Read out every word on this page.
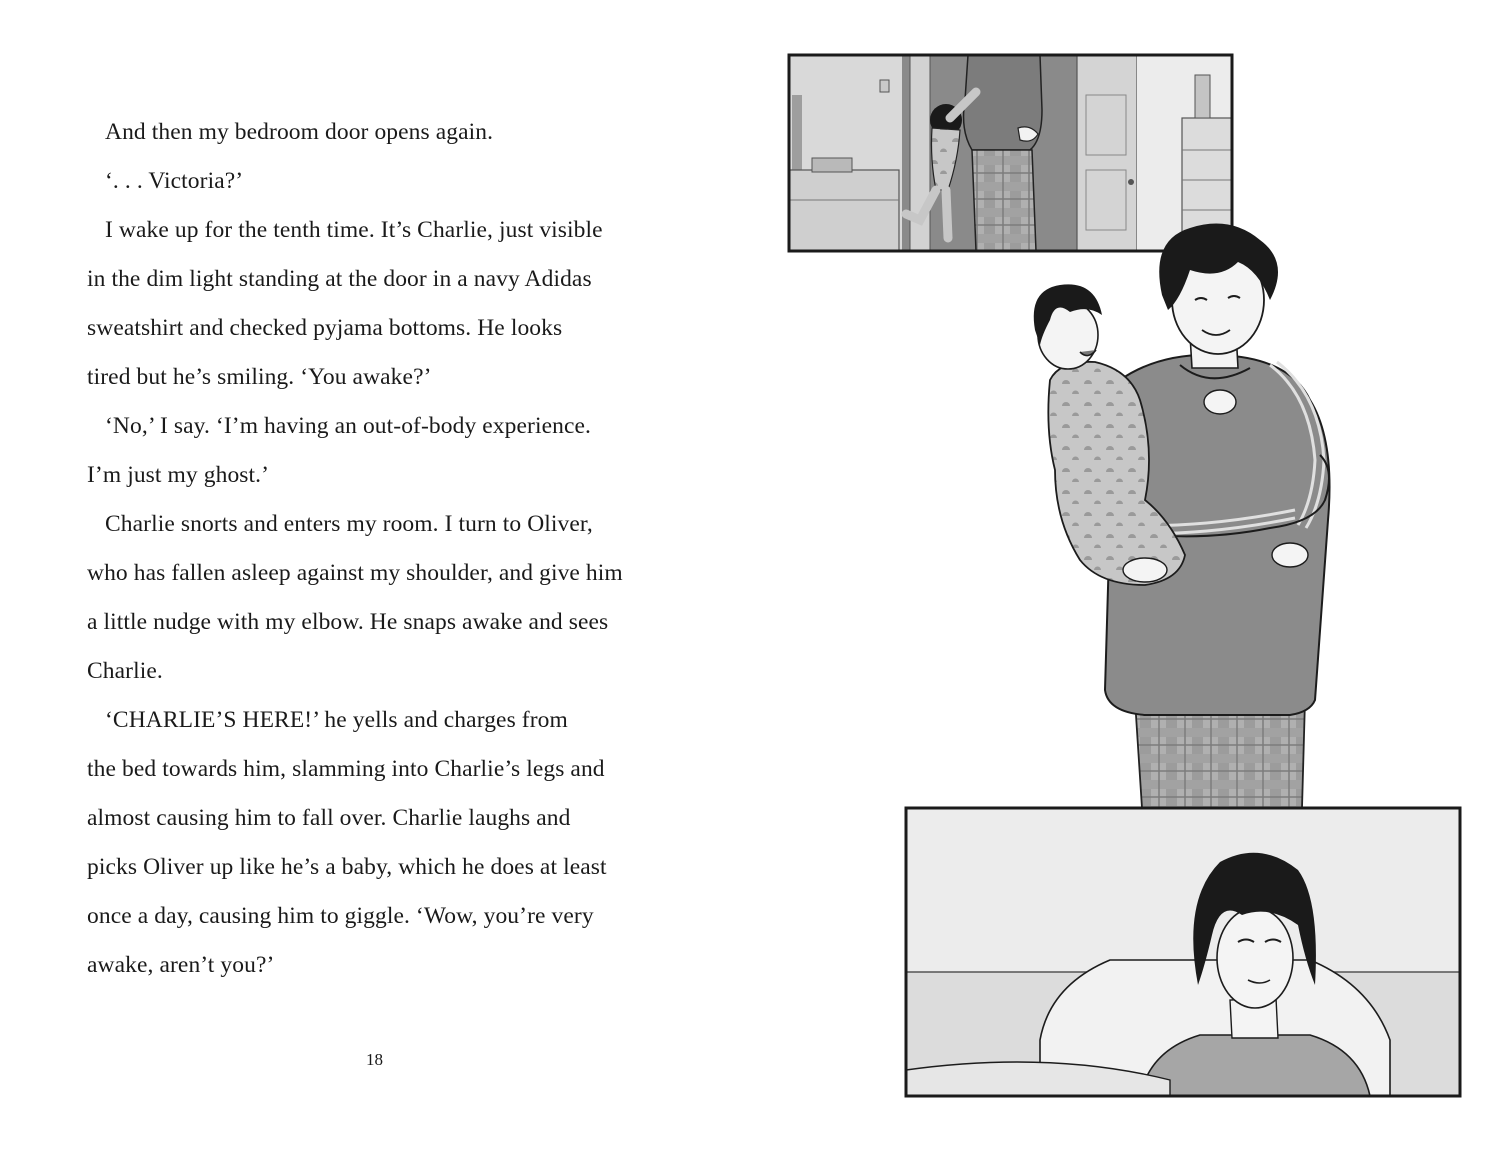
And then my bedroom door opens again.
‘. . . Victoria?’
I wake up for the tenth time. It’s Charlie, just visible
in the dim light standing at the door in a navy Adidas
sweatshirt and checked pyjama bottoms. He looks
tired but he’s smiling. ‘You awake?’
‘No,’ I say. ‘I’m having an out-of-body experience.
I’m just my ghost.’
Charlie snorts and enters my room. I turn to Oliver,
who has fallen asleep against my shoulder, and give him
a little nudge with my elbow. He snaps awake and sees
Charlie.
‘CHARLIE’S HERE!’ he yells and charges from
the bed towards him, slamming into Charlie’s legs and
almost causing him to fall over. Charlie laughs and
picks Oliver up like he’s a baby, which he does at least
once a day, causing him to giggle. ‘Wow, you’re very
awake, aren’t you?’
18
